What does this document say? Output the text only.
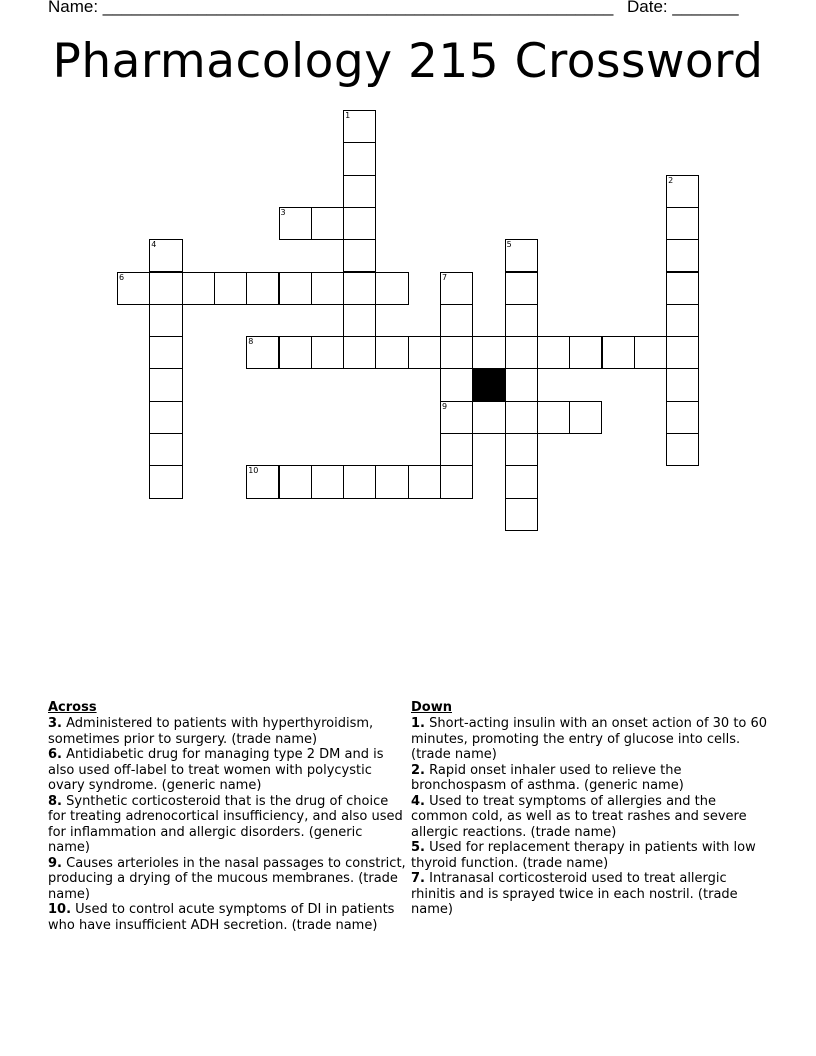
Name: ______________________________________________________ Date: _______
Pharmacology 215 Crossword
3
6
8
9
10
1
2
4	5
7
Across
3. Administered to patients with hyperthyroidism, sometimes prior to surgery. (trade name)
6. Antidiabetic drug for managing type 2 DM and is also used off-label to treat women with polycystic ovary syndrome. (generic name)
8. Synthetic corticosteroid that is the drug of choice for treating adrenocortical insufficiency, and also used for inflammation and allergic disorders. (generic name)
9. Causes arterioles in the nasal passages to constrict, producing a drying of the mucous membranes. (trade name)
10. Used to control acute symptoms of DI in patients who have insufficient ADH secretion. (trade name)
Down
1. Short-acting insulin with an onset action of 30 to 60 minutes, promoting the entry of glucose into cells. (trade name)
2. Rapid onset inhaler used to relieve the bronchospasm of asthma. (generic name)
4. Used to treat symptoms of allergies and the common cold, as well as to treat rashes and severe allergic reactions. (trade name)
5. Used for replacement therapy in patients with low thyroid function. (trade name)
7. Intranasal corticosteroid used to treat allergic rhinitis and is sprayed twice in each nostril. (trade name)
